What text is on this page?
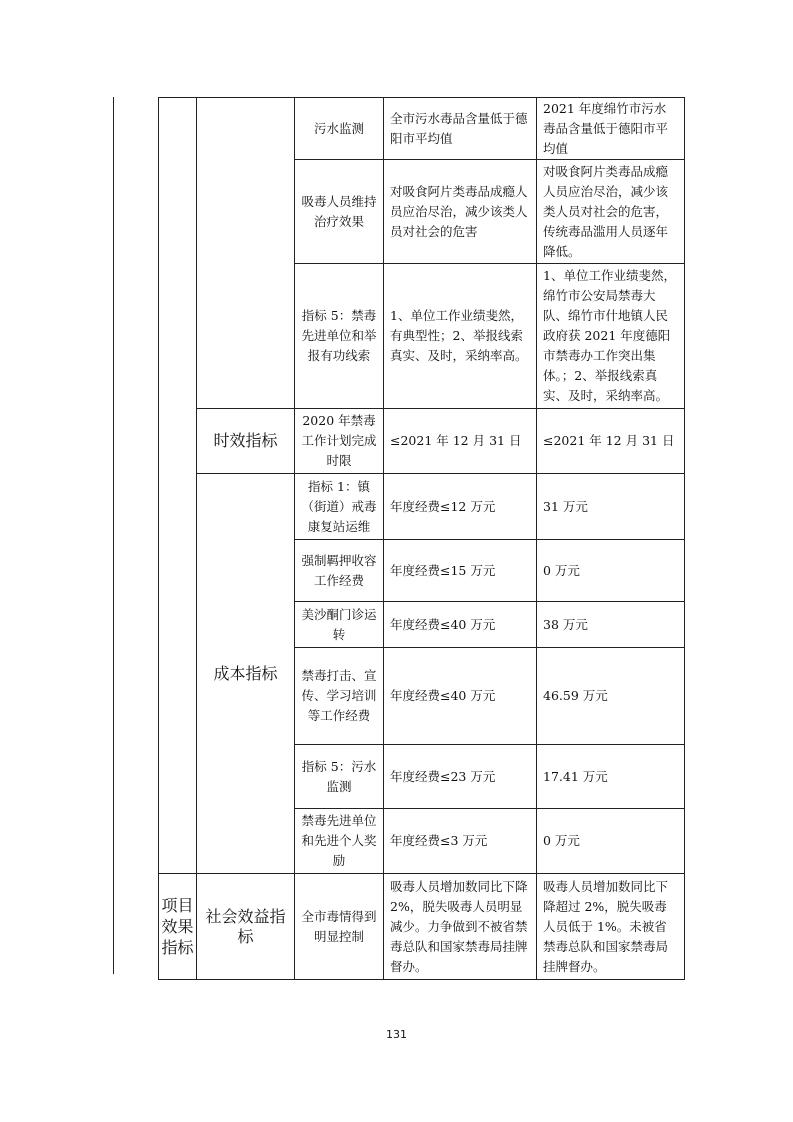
		污水监测	全市污水毒品含量低于德阳市平均值	2021 年度绵竹市污水毒品含量低于德阳市平均值
		吸毒人员维持治疗效果	对吸食阿片类毒品成瘾人员应治尽治，减少该类人员对社会的危害	对吸食阿片类毒品成瘾人员应治尽治，减少该类人员对社会的危害，传统毒品滥用人员逐年降低。
		指标 5：禁毒先进单位和举报有功线索	1、单位工作业绩斐然，有典型性；2、举报线索真实、及时，采纳率高。	1、单位工作业绩斐然，绵竹市公安局禁毒大队、绵竹市什地镇人民政府获 2021 年度德阳市禁毒办工作突出集体。；2、举报线索真实、及时，采纳率高。
	时效指标	2020 年禁毒工作计划完成时限	≤2021 年 12 月 31 日	≤2021 年 12 月 31 日
	成本指标	指标 1：镇（街道）戒毒康复站运维	年度经费≤12 万元	31 万元
		强制羁押收容工作经费	年度经费≤15 万元	0 万元
		美沙酮门诊运转	年度经费≤40 万元	38 万元
		禁毒打击、宣传、学习培训等工作经费	年度经费≤40 万元	46.59 万元
		指标 5：污水监测	年度经费≤23 万元	17.41 万元
		禁毒先进单位和先进个人奖励	年度经费≤3 万元	0 万元
项目效果指标	社会效益指标	全市毒情得到明显控制	吸毒人员增加数同比下降 2%，脱失吸毒人员明显减少。力争做到不被省禁毒总队和国家禁毒局挂牌督办。	吸毒人员增加数同比下降超过 2%，脱失吸毒人员低于 1%。未被省禁毒总队和国家禁毒局挂牌督办。
131
